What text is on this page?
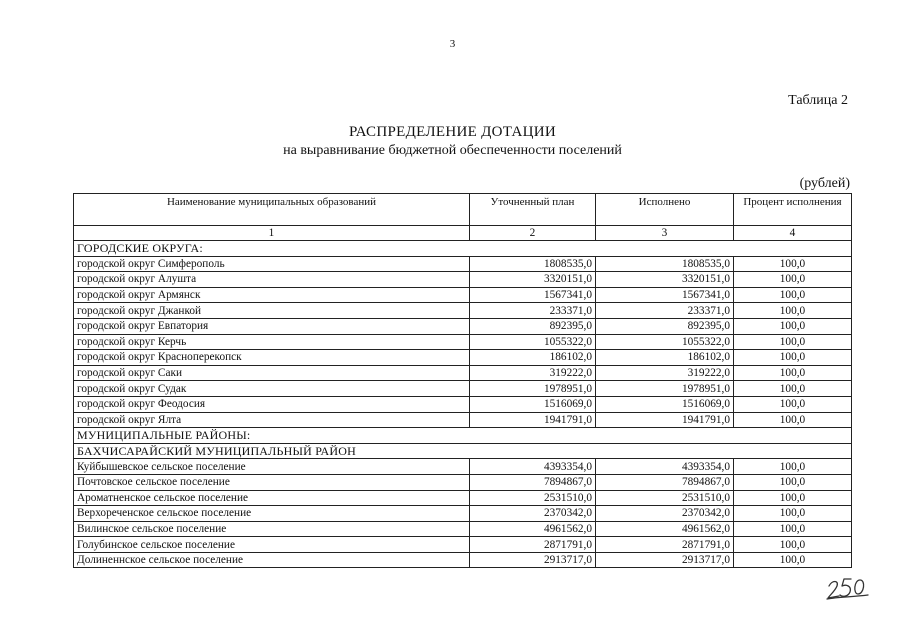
3
Таблица 2
РАСПРЕДЕЛЕНИЕ ДОТАЦИИ
на выравнивание бюджетной обеспеченности поселений
(рублей)
Наименование муниципальных образований	Уточненный план	Исполнено	Процент исполнения
1	2	3	4
ГОРОДСКИЕ ОКРУГА:			
городской округ Симферополь	1808535,0	1808535,0	100,0
городской округ Алушта	3320151,0	3320151,0	100,0
городской округ Армянск	1567341,0	1567341,0	100,0
городской округ Джанкой	233371,0	233371,0	100,0
городской округ Евпатория	892395,0	892395,0	100,0
городской округ Керчь	1055322,0	1055322,0	100,0
городской округ Красноперекопск	186102,0	186102,0	100,0
городской округ Саки	319222,0	319222,0	100,0
городской округ Судак	1978951,0	1978951,0	100,0
городской округ Феодосия	1516069,0	1516069,0	100,0
городской округ Ялта	1941791,0	1941791,0	100,0
МУНИЦИПАЛЬНЫЕ РАЙОНЫ:			
БАХЧИСАРАЙСКИЙ МУНИЦИПАЛЬНЫЙ РАЙОН			
Куйбышевское сельское поселение	4393354,0	4393354,0	100,0
Почтовское сельское поселение	7894867,0	7894867,0	100,0
Ароматненское сельское поселение	2531510,0	2531510,0	100,0
Верхореченское сельское поселение	2370342,0	2370342,0	100,0
Вилинское сельское поселение	4961562,0	4961562,0	100,0
Голубинское сельское поселение	2871791,0	2871791,0	100,0
Долиненнское сельское поселение	2913717,0	2913717,0	100,0
